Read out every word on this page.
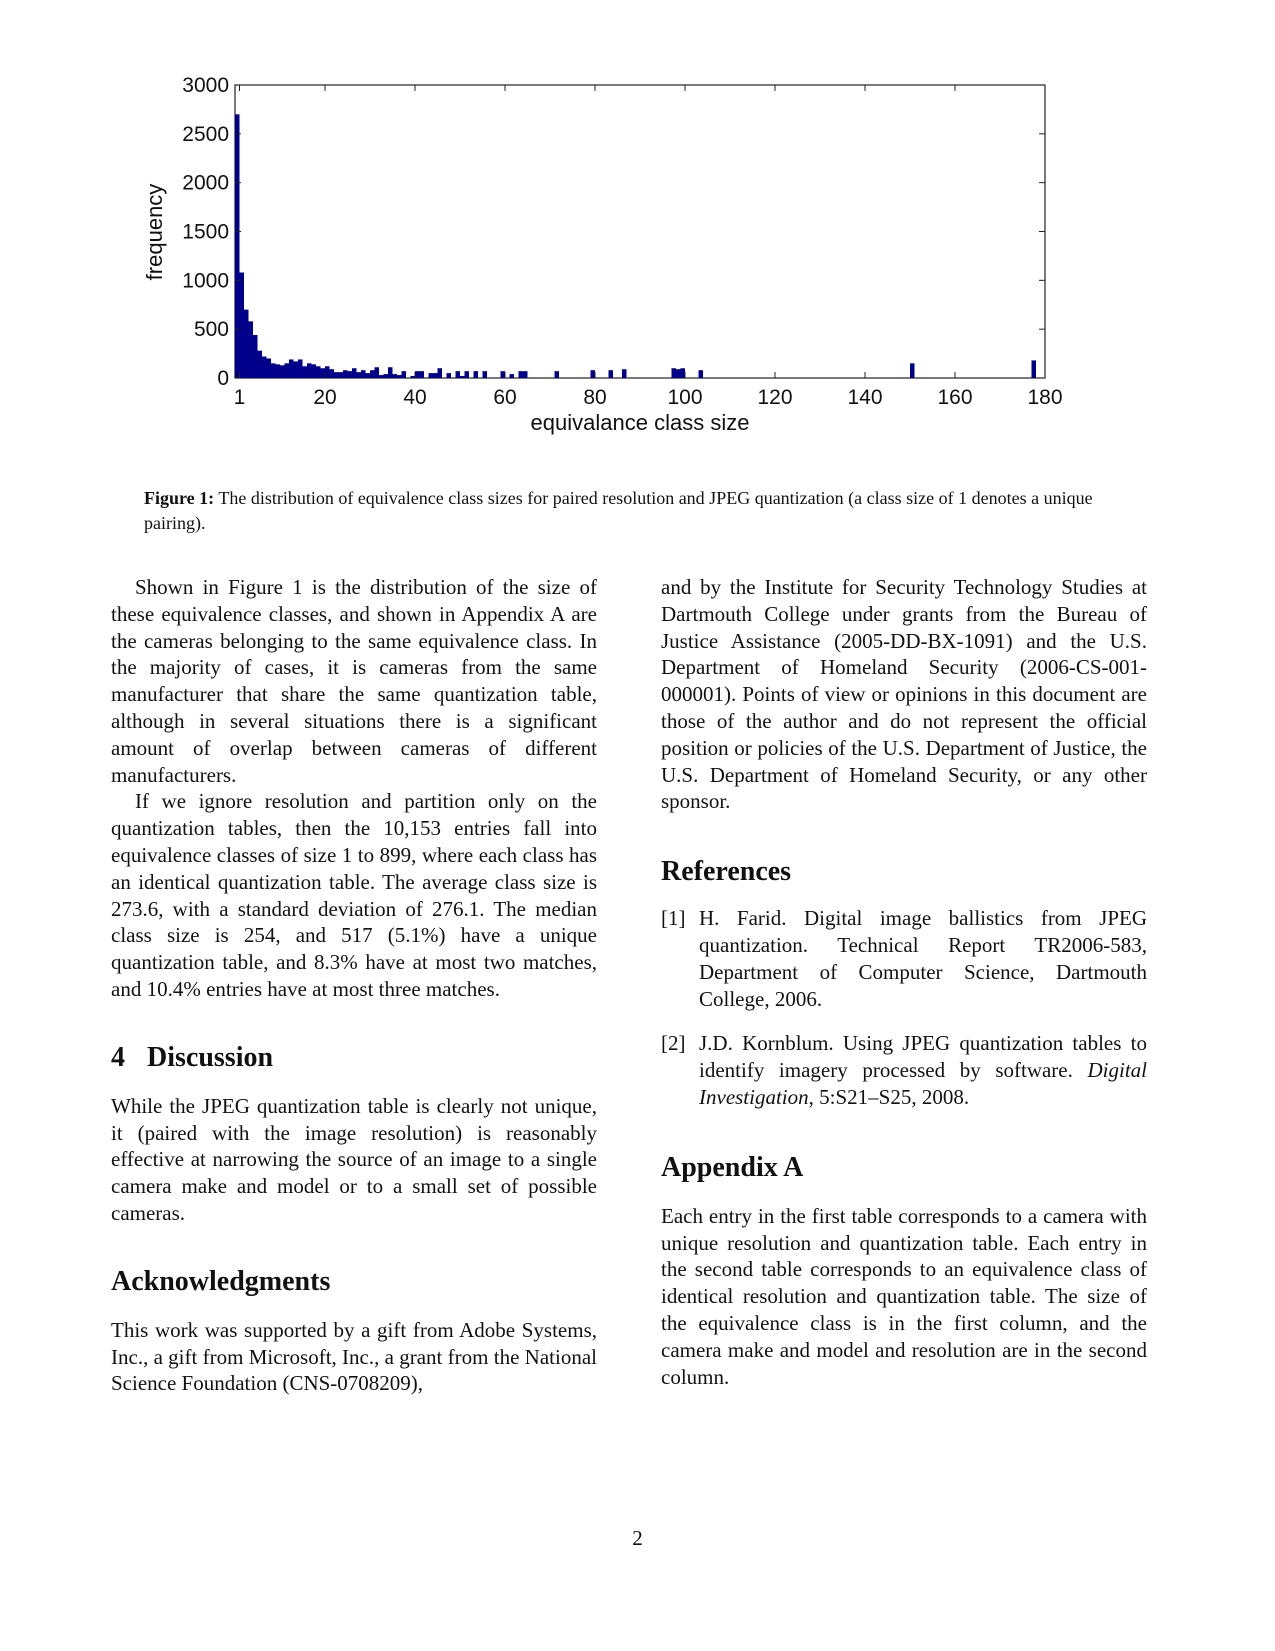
1	20	40	60	80	100	120	140	160	180
0
500
1000
1500
2000
2500
3000
equivalance class size
frequency
Figure 1: The distribution of equivalence class sizes for paired resolution and JPEG quantization (a class size of 1 denotes a unique pairing).

Shown in Figure 1 is the distribution of the size of these equivalence classes, and shown in Appendix A are the cameras belonging to the same equivalence class. In the majority of cases, it is cameras from the same manufacturer that share the same quantization table, although in several situations there is a significant amount of overlap between cameras of different manufacturers.

If we ignore resolution and partition only on the quantization tables, then the 10,153 entries fall into equivalence classes of size 1 to 899, where each class has an identical quantization table. The average class size is 273.6, with a standard deviation of 276.1. The median class size is 254, and 517 (5.1%) have a unique quantization table, and 8.3% have at most two matches, and 10.4% entries have at most three matches.

4 Discussion

While the JPEG quantization table is clearly not unique, it (paired with the image resolution) is reasonably effective at narrowing the source of an image to a single camera make and model or to a small set of possible cameras.

Acknowledgments

This work was supported by a gift from Adobe Systems, Inc., a gift from Microsoft, Inc., a grant from the National Science Foundation (CNS-0708209),

and by the Institute for Security Technology Studies at Dartmouth College under grants from the Bureau of Justice Assistance (2005-DD-BX-1091) and the U.S. Department of Homeland Security (2006-CS-001-000001). Points of view or opinions in this document are those of the author and do not represent the official position or policies of the U.S. Department of Justice, the U.S. Department of Homeland Security, or any other sponsor.

References
[1] H. Farid. Digital image ballistics from JPEG quantization. Technical Report TR2006-583, Department of Computer Science, Dartmouth College, 2006.
[2] J.D. Kornblum. Using JPEG quantization tables to identify imagery processed by software. Digital Investigation, 5:S21–S25, 2008.
Appendix A

Each entry in the first table corresponds to a camera with unique resolution and quantization table. Each entry in the second table corresponds to an equivalence class of identical resolution and quantization table. The size of the equivalence class is in the first column, and the camera make and model and resolution are in the second column.

2
